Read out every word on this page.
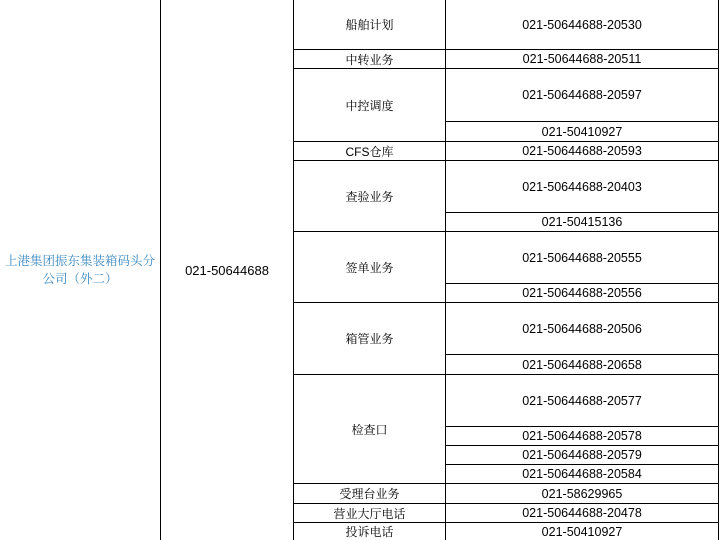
上港集团振东集装箱码头分公司（外二）
021-50644688
船舶计划
中转业务
中控调度
CFS仓库
查验业务
签单业务
箱管业务
检查口
受理台业务
营业大厅电话
投诉电话
021-50644688-20530
021-50644688-20511
021-50644688-20597
021-50410927
021-50644688-20593
021-50644688-20403
021-50415136
021-50644688-20555
021-50644688-20556
021-50644688-20506
021-50644688-20658
021-50644688-20577
021-50644688-20578
021-50644688-20579
021-50644688-20584
021-58629965
021-50644688-20478
021-50410927
